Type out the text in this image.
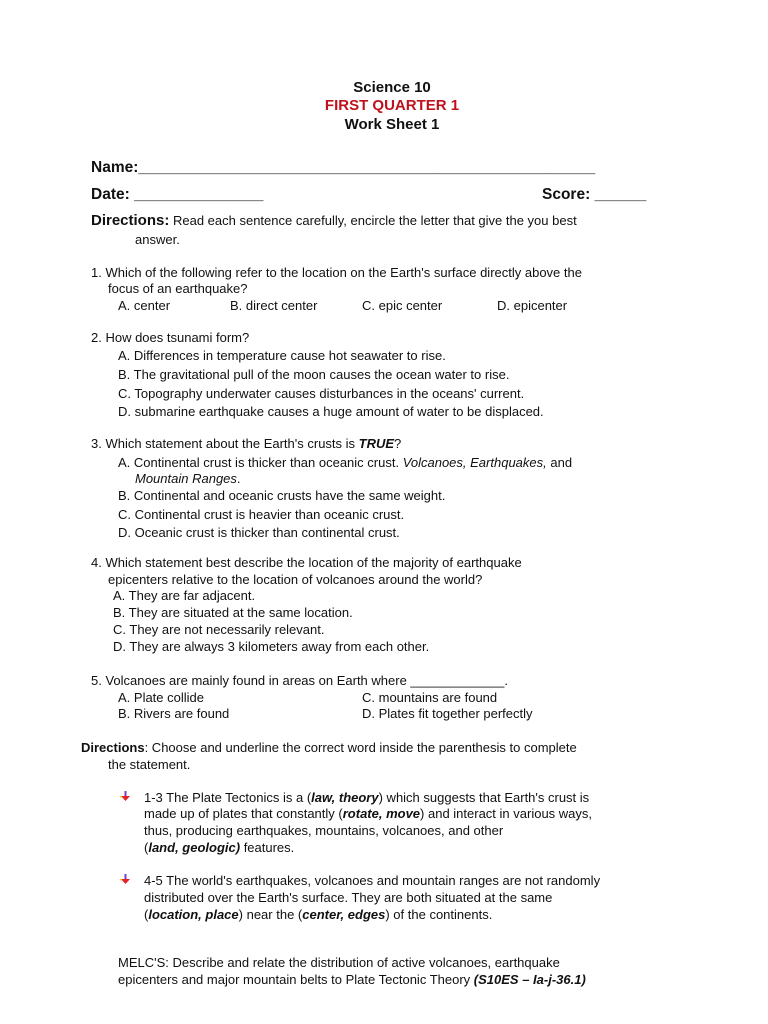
Science 10
FIRST QUARTER 1
Work Sheet 1
Name:_____________________________________________________
Date: _______________	Score: ______
Directions: Read each sentence carefully, encircle the letter that give the you best
answer.
1. Which of the following refer to the location on the Earth's surface directly above the
focus of an earthquake?
A. center	B. direct center	C. epic center	D. epicenter
2. How does tsunami form?
A. Differences in temperature cause hot seawater to rise.
B. The gravitational pull of the moon causes the ocean water to rise.
C. Topography underwater causes disturbances in the oceans' current.
D. submarine earthquake causes a huge amount of water to be displaced.
3. Which statement about the Earth's crusts is TRUE?
A. Continental crust is thicker than oceanic crust. Volcanoes, Earthquakes, and
Mountain Ranges.
B. Continental and oceanic crusts have the same weight.
C. Continental crust is heavier than oceanic crust.
D. Oceanic crust is thicker than continental crust.
4. Which statement best describe the location of the majority of earthquake
epicenters relative to the location of volcanoes around the world?
A. They are far adjacent.
B. They are situated at the same location.
C. They are not necessarily relevant.
D. They are always 3 kilometers away from each other.
5. Volcanoes are mainly found in areas on Earth where _____________.
A. Plate collide
B. Rivers are found
C. mountains are found
D. Plates fit together perfectly
Directions: Choose and underline the correct word inside the parenthesis to complete
the statement.
1-3 The Plate Tectonics is a (law, theory) which suggests that Earth's crust is
made up of plates that constantly (rotate, move) and interact in various ways,
thus, producing earthquakes, mountains, volcanoes, and other
(land, geologic) features.
4-5 The world's earthquakes, volcanoes and mountain ranges are not randomly
distributed over the Earth's surface. They are both situated at the same
(location, place) near the (center, edges) of the continents.
MELC'S: Describe and relate the distribution of active volcanoes, earthquake
epicenters and major mountain belts to Plate Tectonic Theory (S10ES – Ia-j-36.1)
